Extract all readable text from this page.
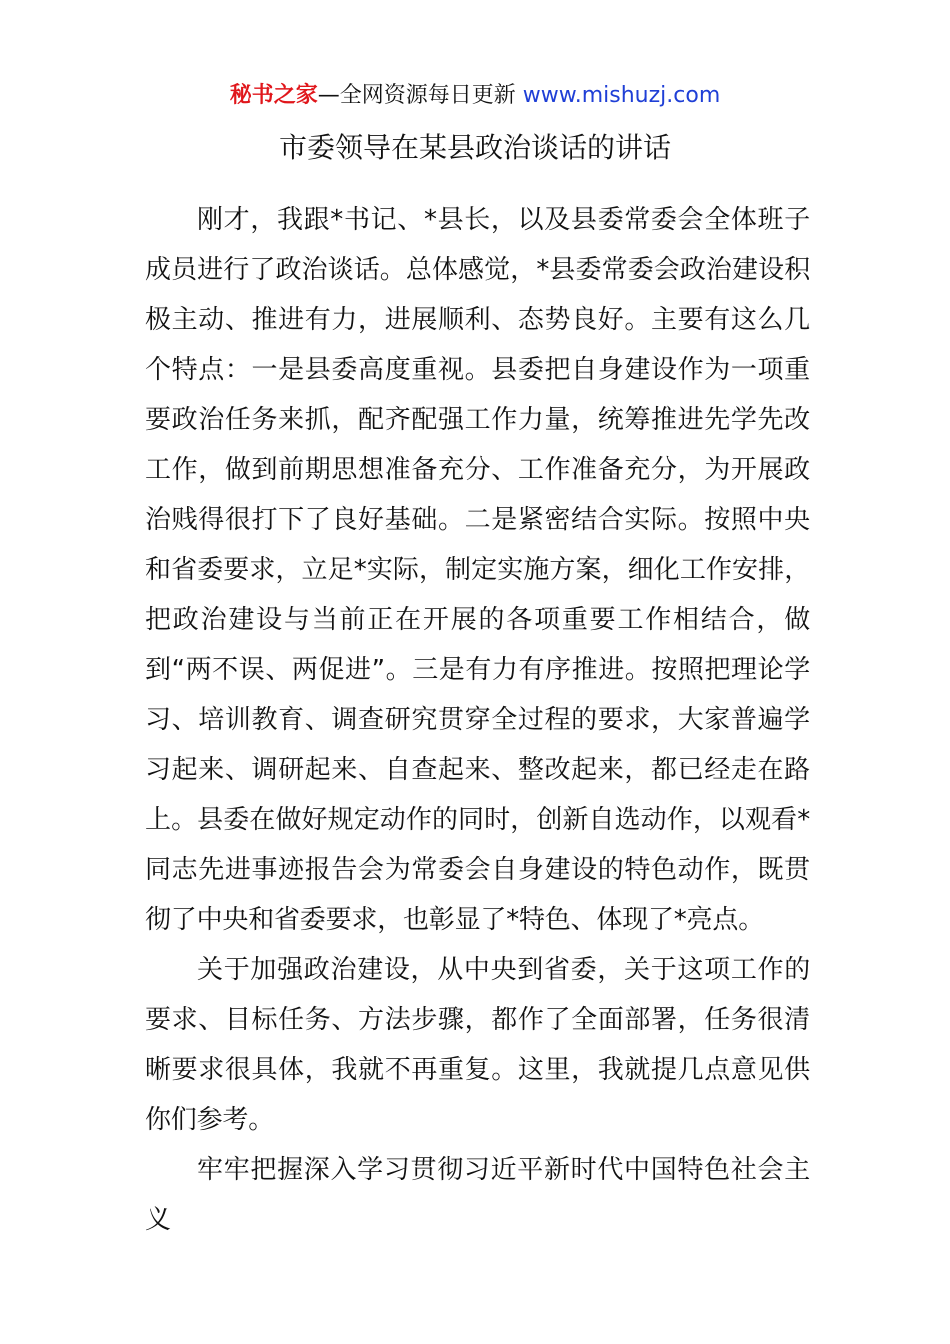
秘书之家—全网资源每日更新 www.mishuzj.com
市委领导在某县政治谈话的讲话

刚才，我跟*书记、*县长，以及县委常委会全体班子成员进行了政治谈话。总体感觉，*县委常委会政治建设积极主动、推进有力，进展顺利、态势良好。主要有这么几个特点：一是县委高度重视。县委把自身建设作为一项重要政治任务来抓，配齐配强工作力量，统筹推进先学先改工作，做到前期思想准备充分、工作准备充分，为开展政治贱得很打下了良好基础。二是紧密结合实际。按照中央和省委要求，立足*实际，制定实施方案，细化工作安排，把政治建设与当前正在开展的各项重要工作相结合，做到“两不误、两促进”。三是有力有序推进。按照把理论学习、培训教育、调查研究贯穿全过程的要求，大家普遍学习起来、调研起来、自查起来、整改起来，都已经走在路上。县委在做好规定动作的同时，创新自选动作，以观看*同志先进事迹报告会为常委会自身建设的特色动作，既贯彻了中央和省委要求，也彰显了*特色、体现了*亮点。

关于加强政治建设，从中央到省委，关于这项工作的要求、目标任务、方法步骤，都作了全面部署，任务很清晰要求很具体，我就不再重复。这里，我就提几点意见供你们参考。

牢牢把握深入学习贯彻习近平新时代中国特色社会主义
